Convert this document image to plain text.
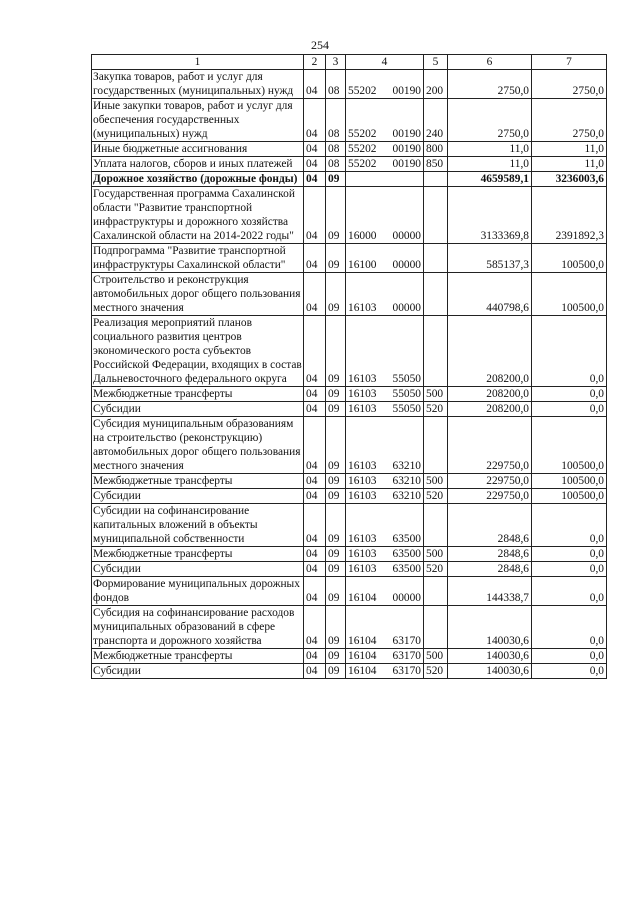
254
1	2	3	4	5	6	7
Закупка товаров, работ и услуг для государственных (муниципальных) нужд	04	08	55202 00190	200	2750,0	2750,0
Иные закупки товаров, работ и услуг для обеспечения государственных (муниципальных) нужд	04	08	55202 00190	240	2750,0	2750,0
Иные бюджетные ассигнования	04	08	55202 00190	800	11,0	11,0
Уплата налогов, сборов и иных платежей	04	08	55202 00190	850	11,0	11,0
Дорожное хозяйство (дорожные фонды)	04	09			4659589,1	3236003,6
Государственная программа Сахалинской области "Развитие транспортной инфраструктуры и дорожного хозяйства Сахалинской области на 2014-2022 годы"	04	09	16000 00000		3133369,8	2391892,3
Подпрограмма "Развитие транспортной инфраструктуры Сахалинской области"	04	09	16100 00000		585137,3	100500,0
Строительство и реконструкция автомобильных дорог общего пользования местного значения	04	09	16103 00000		440798,6	100500,0
Реализация мероприятий планов социального развития центров экономического роста субъектов Российской Федерации, входящих в состав Дальневосточного федерального округа	04	09	16103 55050		208200,0	0,0
Межбюджетные трансферты	04	09	16103 55050	500	208200,0	0,0
Субсидии	04	09	16103 55050	520	208200,0	0,0
Субсидия муниципальным образованиям на строительство (реконструкцию) автомобильных дорог общего пользования местного значения	04	09	16103 63210		229750,0	100500,0
Межбюджетные трансферты	04	09	16103 63210	500	229750,0	100500,0
Субсидии	04	09	16103 63210	520	229750,0	100500,0
Субсидии на софинансирование капитальных вложений в объекты муниципальной собственности	04	09	16103 63500		2848,6	0,0
Межбюджетные трансферты	04	09	16103 63500	500	2848,6	0,0
Субсидии	04	09	16103 63500	520	2848,6	0,0
Формирование муниципальных дорожных фондов	04	09	16104 00000		144338,7	0,0
Субсидия на софинансирование расходов муниципальных образований в сфере транспорта и дорожного хозяйства	04	09	16104 63170		140030,6	0,0
Межбюджетные трансферты	04	09	16104 63170	500	140030,6	0,0
Субсидии	04	09	16104 63170	520	140030,6	0,0
